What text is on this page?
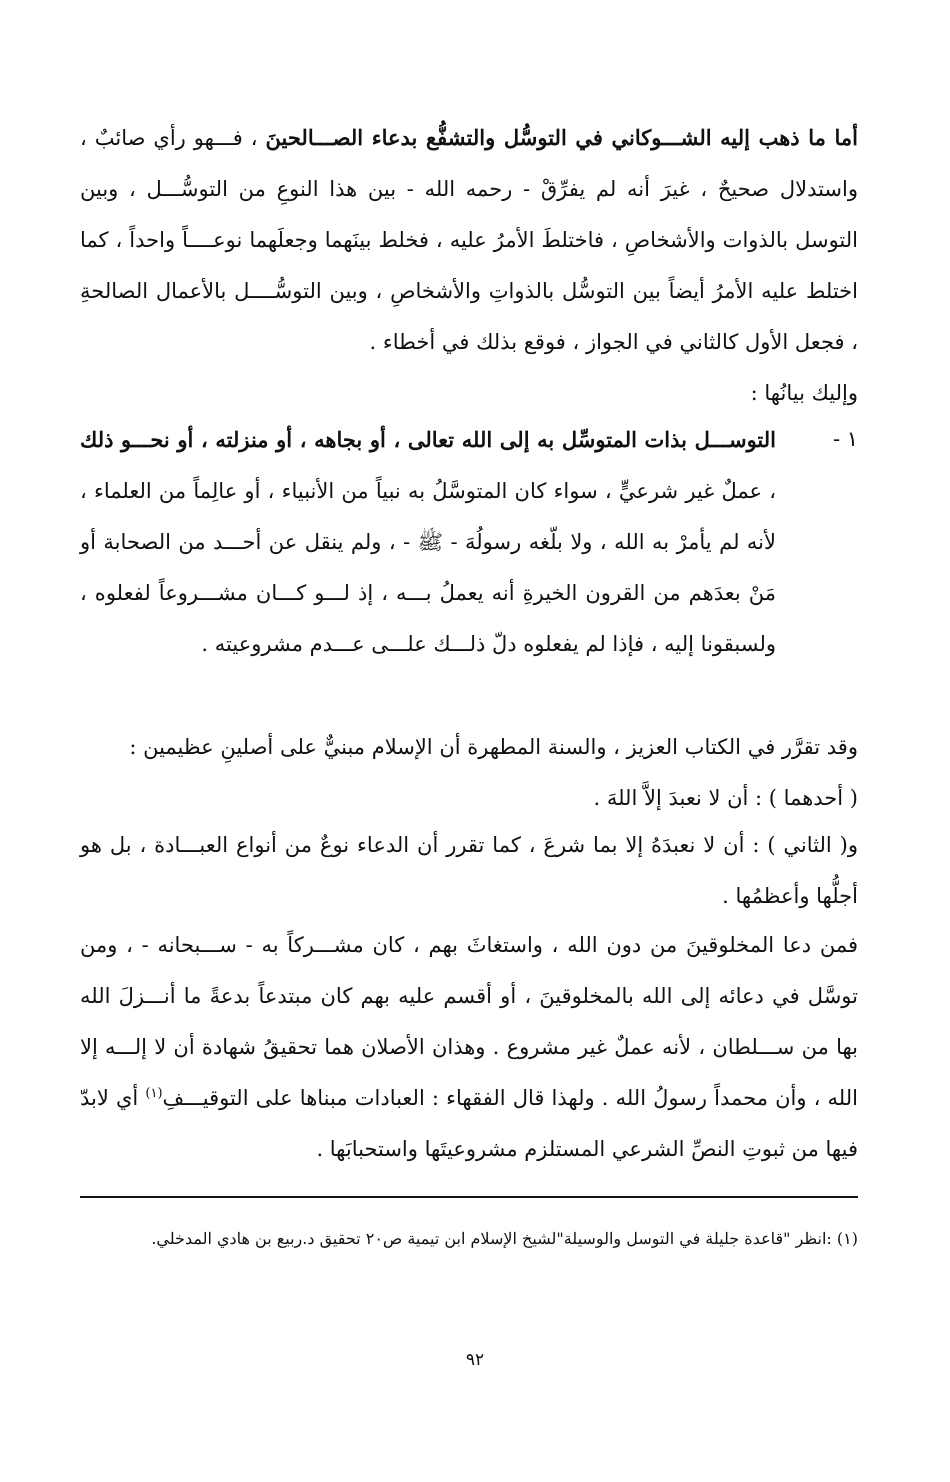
أما ما ذهب إليه الشـــوكاني في التوسُّل والتشفُّع بدعاء الصـــالحينَ ، فـــهو رأي صائبٌ ، واستدلال صحيحٌ ، غيرَ أنه لم يفرِّقْ - رحمه الله - بين هذا النوعِ من التوسُّـــل ، وبين التوسل بالذوات والأشخاصِ ، فاختلطَ الأمرُ عليه ، فخلط بينَهما وجعلَهما نوعــــاً واحداً ، كما اختلط عليه الأمرُ أيضاً بين التوسُّل بالذواتِ والأشخاصِ ، وبين التوسُّــــل بالأعمال الصالحةِ ، فجعل الأول كالثاني في الجواز ، فوقع بذلك في أخطاء .

وإليك بيانُها :

١ -
التوســـل بذات المتوسِّل به إلى الله تعالى ، أو بجاهه ، أو منزلته ، أو نحـــو ذلك ، عملٌ غير شرعيٍّ ، سواء كان المتوسَّلُ به نبياً من الأنبياء ، أو عالِماً من العلماء ، لأنه لم يأمرْ به الله ، ولا بلّغه رسولُهَ - ﷺ - ، ولم ينقل عن أحـــد من الصحابة أو مَنْ بعدَهم من القرون الخيرةِ أنه يعملُ بـــه ، إذ لـــو كـــان مشـــروعاً لفعلوه ، ولسبقونا إليه ، فإذا لم يفعلوه دلّ ذلـــك علـــى عـــدم مشروعيته .

وقد تقرَّر في الكتاب العزيز ، والسنة المطهرة أن الإسلام مبنيٌّ على أصلينِ عظيمين :

( أحدهما ) : أن لا نعبدَ إلاَّ اللهَ .

و( الثاني ) : أن لا نعبدَهُ إلا بما شرعَ ، كما تقرر أن الدعاء نوعٌ من أنواع العبـــادة ، بل هو أجلُّها وأعظمُها .

فمن دعا المخلوقينَ من دون الله ، واستغاثَ بهم ، كان مشـــركاً به - ســـبحانه - ، ومن توسَّل في دعائه إلى الله بالمخلوقينَ ، أو أقسم عليه بهم كان مبتدعاً بدعةً ما أنـــزلَ الله بها من ســـلطان ، لأنه عملٌ غير مشروع . وهذان الأصلان هما تحقيقُ شهادة أن لا إلـــه إلا الله ، وأن محمداً رسولُ الله . ولهذا قال الفقهاء : العبادات مبناها على التوقيـــفِ$^{(١)}$ أي لابدّ فيها من ثبوتِ النصِّ الشرعي المستلزم مشروعيتَها واستحبابَها .

(١) :انظر "قاعدة جليلة في التوسل والوسيلة"لشيخ الإسلام ابن تيمية ص٢٠ تحقيق د.ربيع بن هادي المدخلي.
٩٢
